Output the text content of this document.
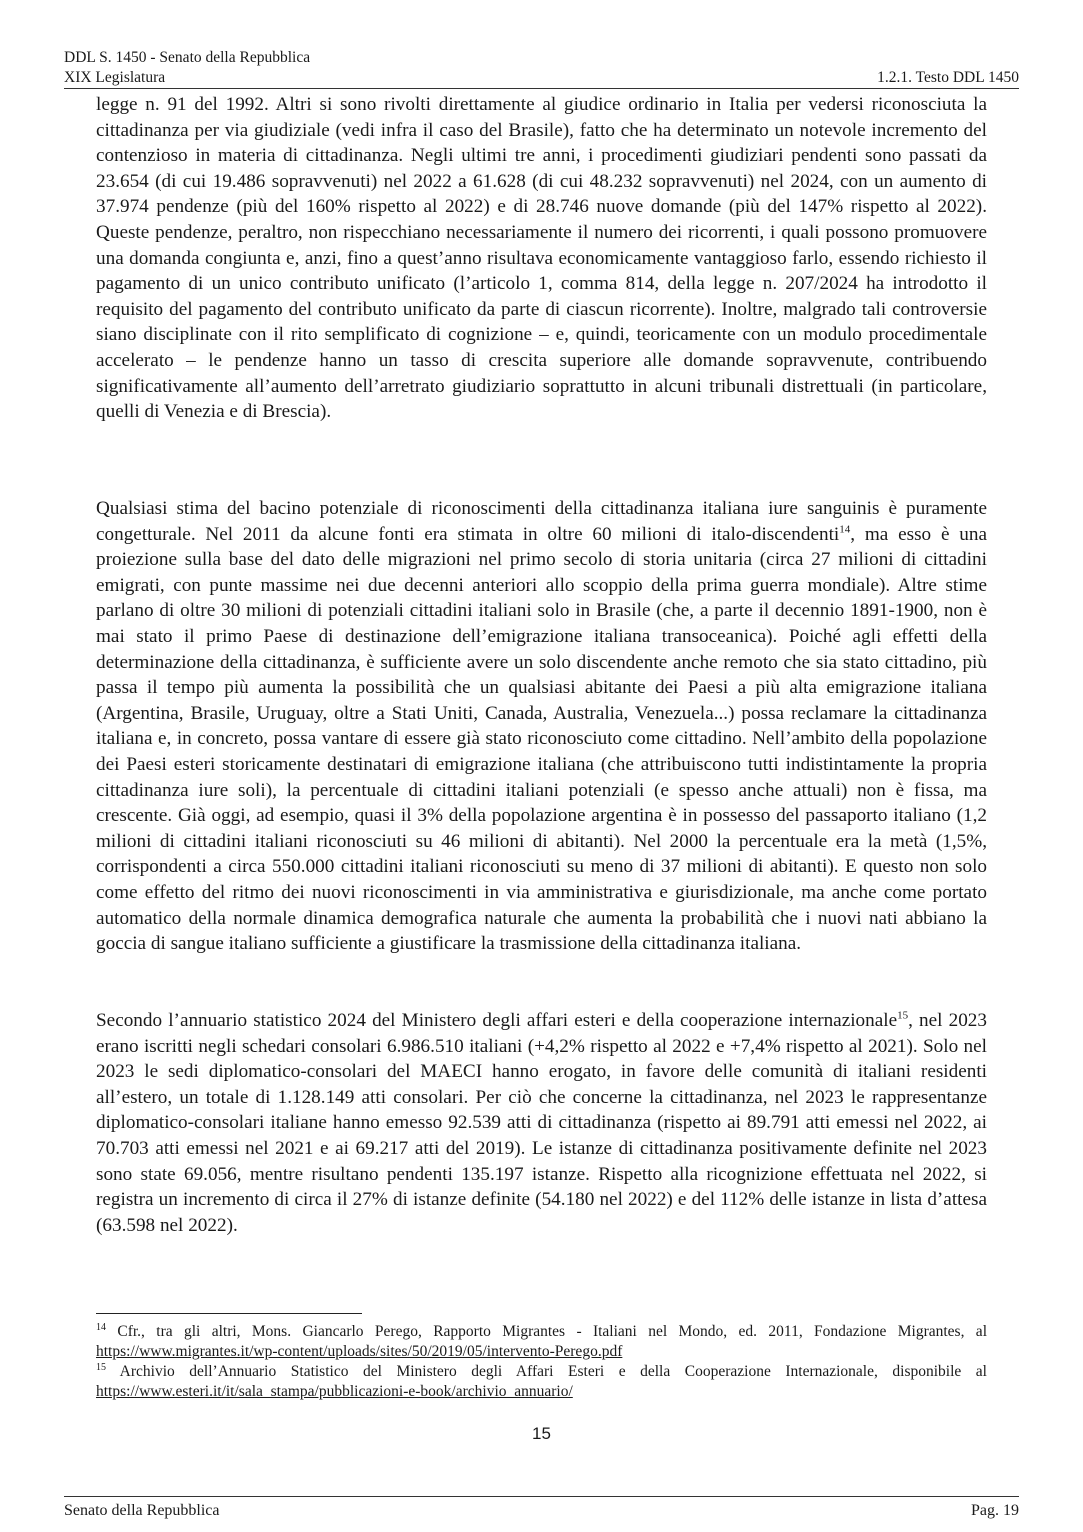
DDL S. 1450 - Senato della Repubblica
XIX Legislatura	1.2.1. Testo DDL 1450

legge n. 91 del 1992. Altri si sono rivolti direttamente al giudice ordinario in Italia per vedersi riconosciuta la cittadinanza per via giudiziale (vedi infra il caso del Brasile), fatto che ha determinato un notevole incremento del contenzioso in materia di cittadinanza. Negli ultimi tre anni, i procedimenti giudiziari pendenti sono passati da 23.654 (di cui 19.486 sopravvenuti) nel 2022 a 61.628 (di cui 48.232 sopravvenuti) nel 2024, con un aumento di 37.974 pendenze (più del 160% rispetto al 2022) e di 28.746 nuove domande (più del 147% rispetto al 2022). Queste pendenze, peraltro, non rispecchiano necessariamente il numero dei ricorrenti, i quali possono promuovere una domanda congiunta e, anzi, fino a quest’anno risultava economicamente vantaggioso farlo, essendo richiesto il pagamento di un unico contributo unificato (l’articolo 1, comma 814, della legge n. 207/2024 ha introdotto il requisito del pagamento del contributo unificato da parte di ciascun ricorrente). Inoltre, malgrado tali controversie siano disciplinate con il rito semplificato di cognizione – e, quindi, teoricamente con un modulo procedimentale accelerato – le pendenze hanno un tasso di crescita superiore alle domande sopravvenute, contribuendo significativamente all’aumento dell’arretrato giudiziario soprattutto in alcuni tribunali distrettuali (in particolare, quelli di Venezia e di Brescia).

Qualsiasi stima del bacino potenziale di riconoscimenti della cittadinanza italiana iure sanguinis è puramente congetturale. Nel 2011 da alcune fonti era stimata in oltre 60 milioni di italo-discendenti$^{14}$, ma esso è una proiezione sulla base del dato delle migrazioni nel primo secolo di storia unitaria (circa 27 milioni di cittadini emigrati, con punte massime nei due decenni anteriori allo scoppio della prima guerra mondiale). Altre stime parlano di oltre 30 milioni di potenziali cittadini italiani solo in Brasile (che, a parte il decennio 1891-1900, non è mai stato il primo Paese di destinazione dell’emigrazione italiana transoceanica). Poiché agli effetti della determinazione della cittadinanza, è sufficiente avere un solo discendente anche remoto che sia stato cittadino, più passa il tempo più aumenta la possibilità che un qualsiasi abitante dei Paesi a più alta emigrazione italiana (Argentina, Brasile, Uruguay, oltre a Stati Uniti, Canada, Australia, Venezuela...) possa reclamare la cittadinanza italiana e, in concreto, possa vantare di essere già stato riconosciuto come cittadino. Nell’ambito della popolazione dei Paesi esteri storicamente destinatari di emigrazione italiana (che attribuiscono tutti indistintamente la propria cittadinanza iure soli), la percentuale di cittadini italiani potenziali (e spesso anche attuali) non è fissa, ma crescente. Già oggi, ad esempio, quasi il 3% della popolazione argentina è in possesso del passaporto italiano (1,2 milioni di cittadini italiani riconosciuti su 46 milioni di abitanti). Nel 2000 la percentuale era la metà (1,5%, corrispondenti a circa 550.000 cittadini italiani riconosciuti su meno di 37 milioni di abitanti). E questo non solo come effetto del ritmo dei nuovi riconoscimenti in via amministrativa e giurisdizionale, ma anche come portato automatico della normale dinamica demografica naturale che aumenta la probabilità che i nuovi nati abbiano la goccia di sangue italiano sufficiente a giustificare la trasmissione della cittadinanza italiana.

Secondo l’annuario statistico 2024 del Ministero degli affari esteri e della cooperazione internazionale$^{15}$, nel 2023 erano iscritti negli schedari consolari 6.986.510 italiani (+4,2% rispetto al 2022 e +7,4% rispetto al 2021). Solo nel 2023 le sedi diplomatico-consolari del MAECI hanno erogato, in favore delle comunità di italiani residenti all’estero, un totale di 1.128.149 atti consolari. Per ciò che concerne la cittadinanza, nel 2023 le rappresentanze diplomatico-consolari italiane hanno emesso 92.539 atti di cittadinanza (rispetto ai 89.791 atti emessi nel 2022, ai 70.703 atti emessi nel 2021 e ai 69.217 atti del 2019). Le istanze di cittadinanza positivamente definite nel 2023 sono state 69.056, mentre risultano pendenti 135.197 istanze. Rispetto alla ricognizione effettuata nel 2022, si registra un incremento di circa il 27% di istanze definite (54.180 nel 2022) e del 112% delle istanze in lista d’attesa (63.598 nel 2022).

$^{14}$ Cfr., tra gli altri, Mons. Giancarlo Perego, Rapporto Migrantes - Italiani nel Mondo, ed. 2011, Fondazione Migrantes, al https://www.migrantes.it/wp-content/uploads/sites/50/2019/05/intervento-Perego.pdf

$^{15}$ Archivio dell’Annuario Statistico del Ministero degli Affari Esteri e della Cooperazione Internazionale, disponibile al https://www.esteri.it/it/sala_stampa/pubblicazioni-e-book/archivio_annuario/

15
Senato della Repubblica	Pag. 19
